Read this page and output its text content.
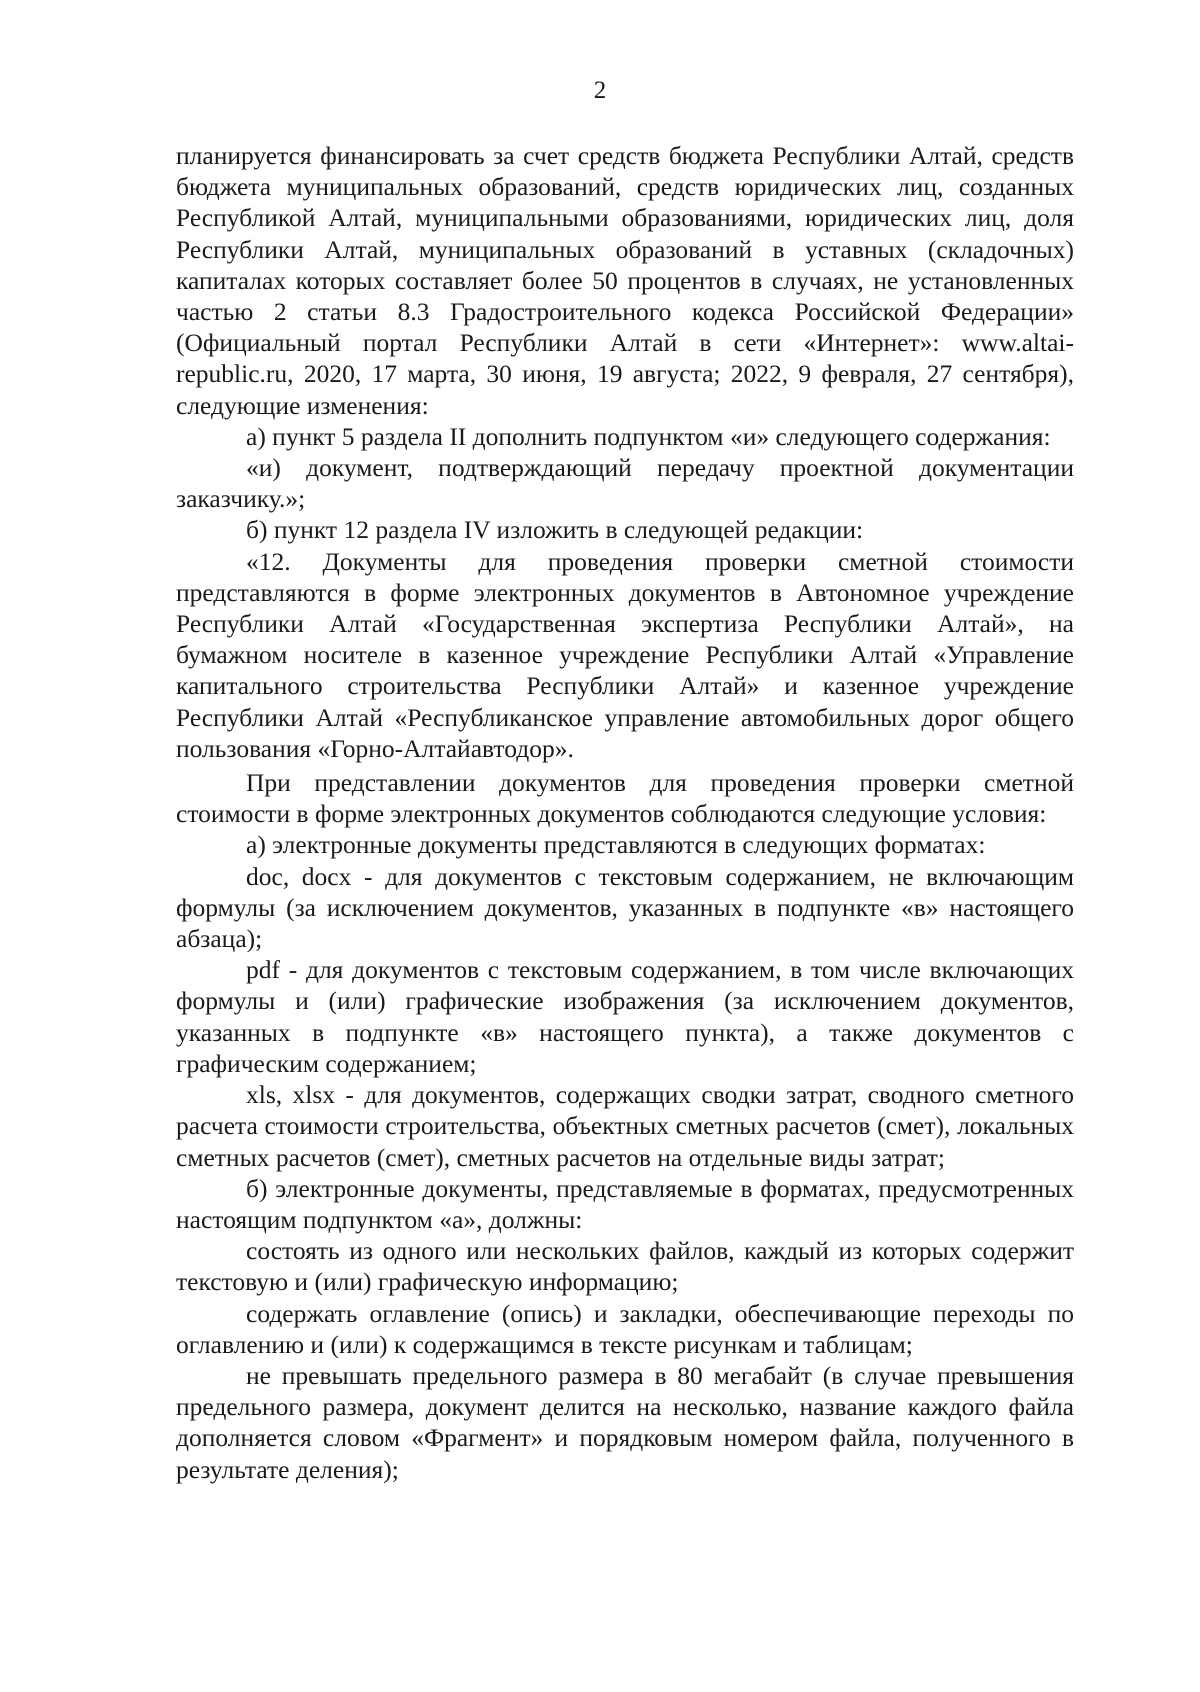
2

планируется финансировать за счет средств бюджета Республики Алтай, средств бюджета муниципальных образований, средств юридических лиц, созданных Республикой Алтай, муниципальными образованиями, юридических лиц, доля Республики Алтай, муниципальных образований в уставных (складочных) капиталах которых составляет более 50 процентов в случаях, не установленных частью 2 статьи 8.3 Градостроительного кодекса Российской Федерации» (Официальный портал Республики Алтай в сети «Интернет»: www.altai-republic.ru, 2020, 17 марта, 30 июня, 19 августа; 2022, 9 февраля, 27 сентября), следующие изменения:

а) пункт 5 раздела II дополнить подпунктом «и» следующего содержания:

«и) документ, подтверждающий передачу проектной документации заказчику.»;

б) пункт 12 раздела IV изложить в следующей редакции:

«12. Документы для проведения проверки сметной стоимости представляются в форме электронных документов в Автономное учреждение Республики Алтай «Государственная экспертиза Республики Алтай», на бумажном носителе в казенное учреждение Республики Алтай «Управление капитального строительства Республики Алтай» и казенное учреждение Республики Алтай «Республиканское управление автомобильных дорог общего пользования «Горно-Алтайавтодор».

При представлении документов для проведения проверки сметной стоимости в форме электронных документов соблюдаются следующие условия:

а) электронные документы представляются в следующих форматах:

doc, docx - для документов с текстовым содержанием, не включающим формулы (за исключением документов, указанных в подпункте «в» настоящего абзаца);

pdf - для документов с текстовым содержанием, в том числе включающих формулы и (или) графические изображения (за исключением документов, указанных в подпункте «в» настоящего пункта), а также документов с графическим содержанием;

xls, xlsx - для документов, содержащих сводки затрат, сводного сметного расчета стоимости строительства, объектных сметных расчетов (смет), локальных сметных расчетов (смет), сметных расчетов на отдельные виды затрат;

б) электронные документы, представляемые в форматах, предусмотренных настоящим подпунктом «а», должны:

состоять из одного или нескольких файлов, каждый из которых содержит текстовую и (или) графическую информацию;

содержать оглавление (опись) и закладки, обеспечивающие переходы по оглавлению и (или) к содержащимся в тексте рисункам и таблицам;

не превышать предельного размера в 80 мегабайт (в случае превышения предельного размера, документ делится на несколько, название каждого файла дополняется словом «Фрагмент» и порядковым номером файла, полученного в результате деления);
